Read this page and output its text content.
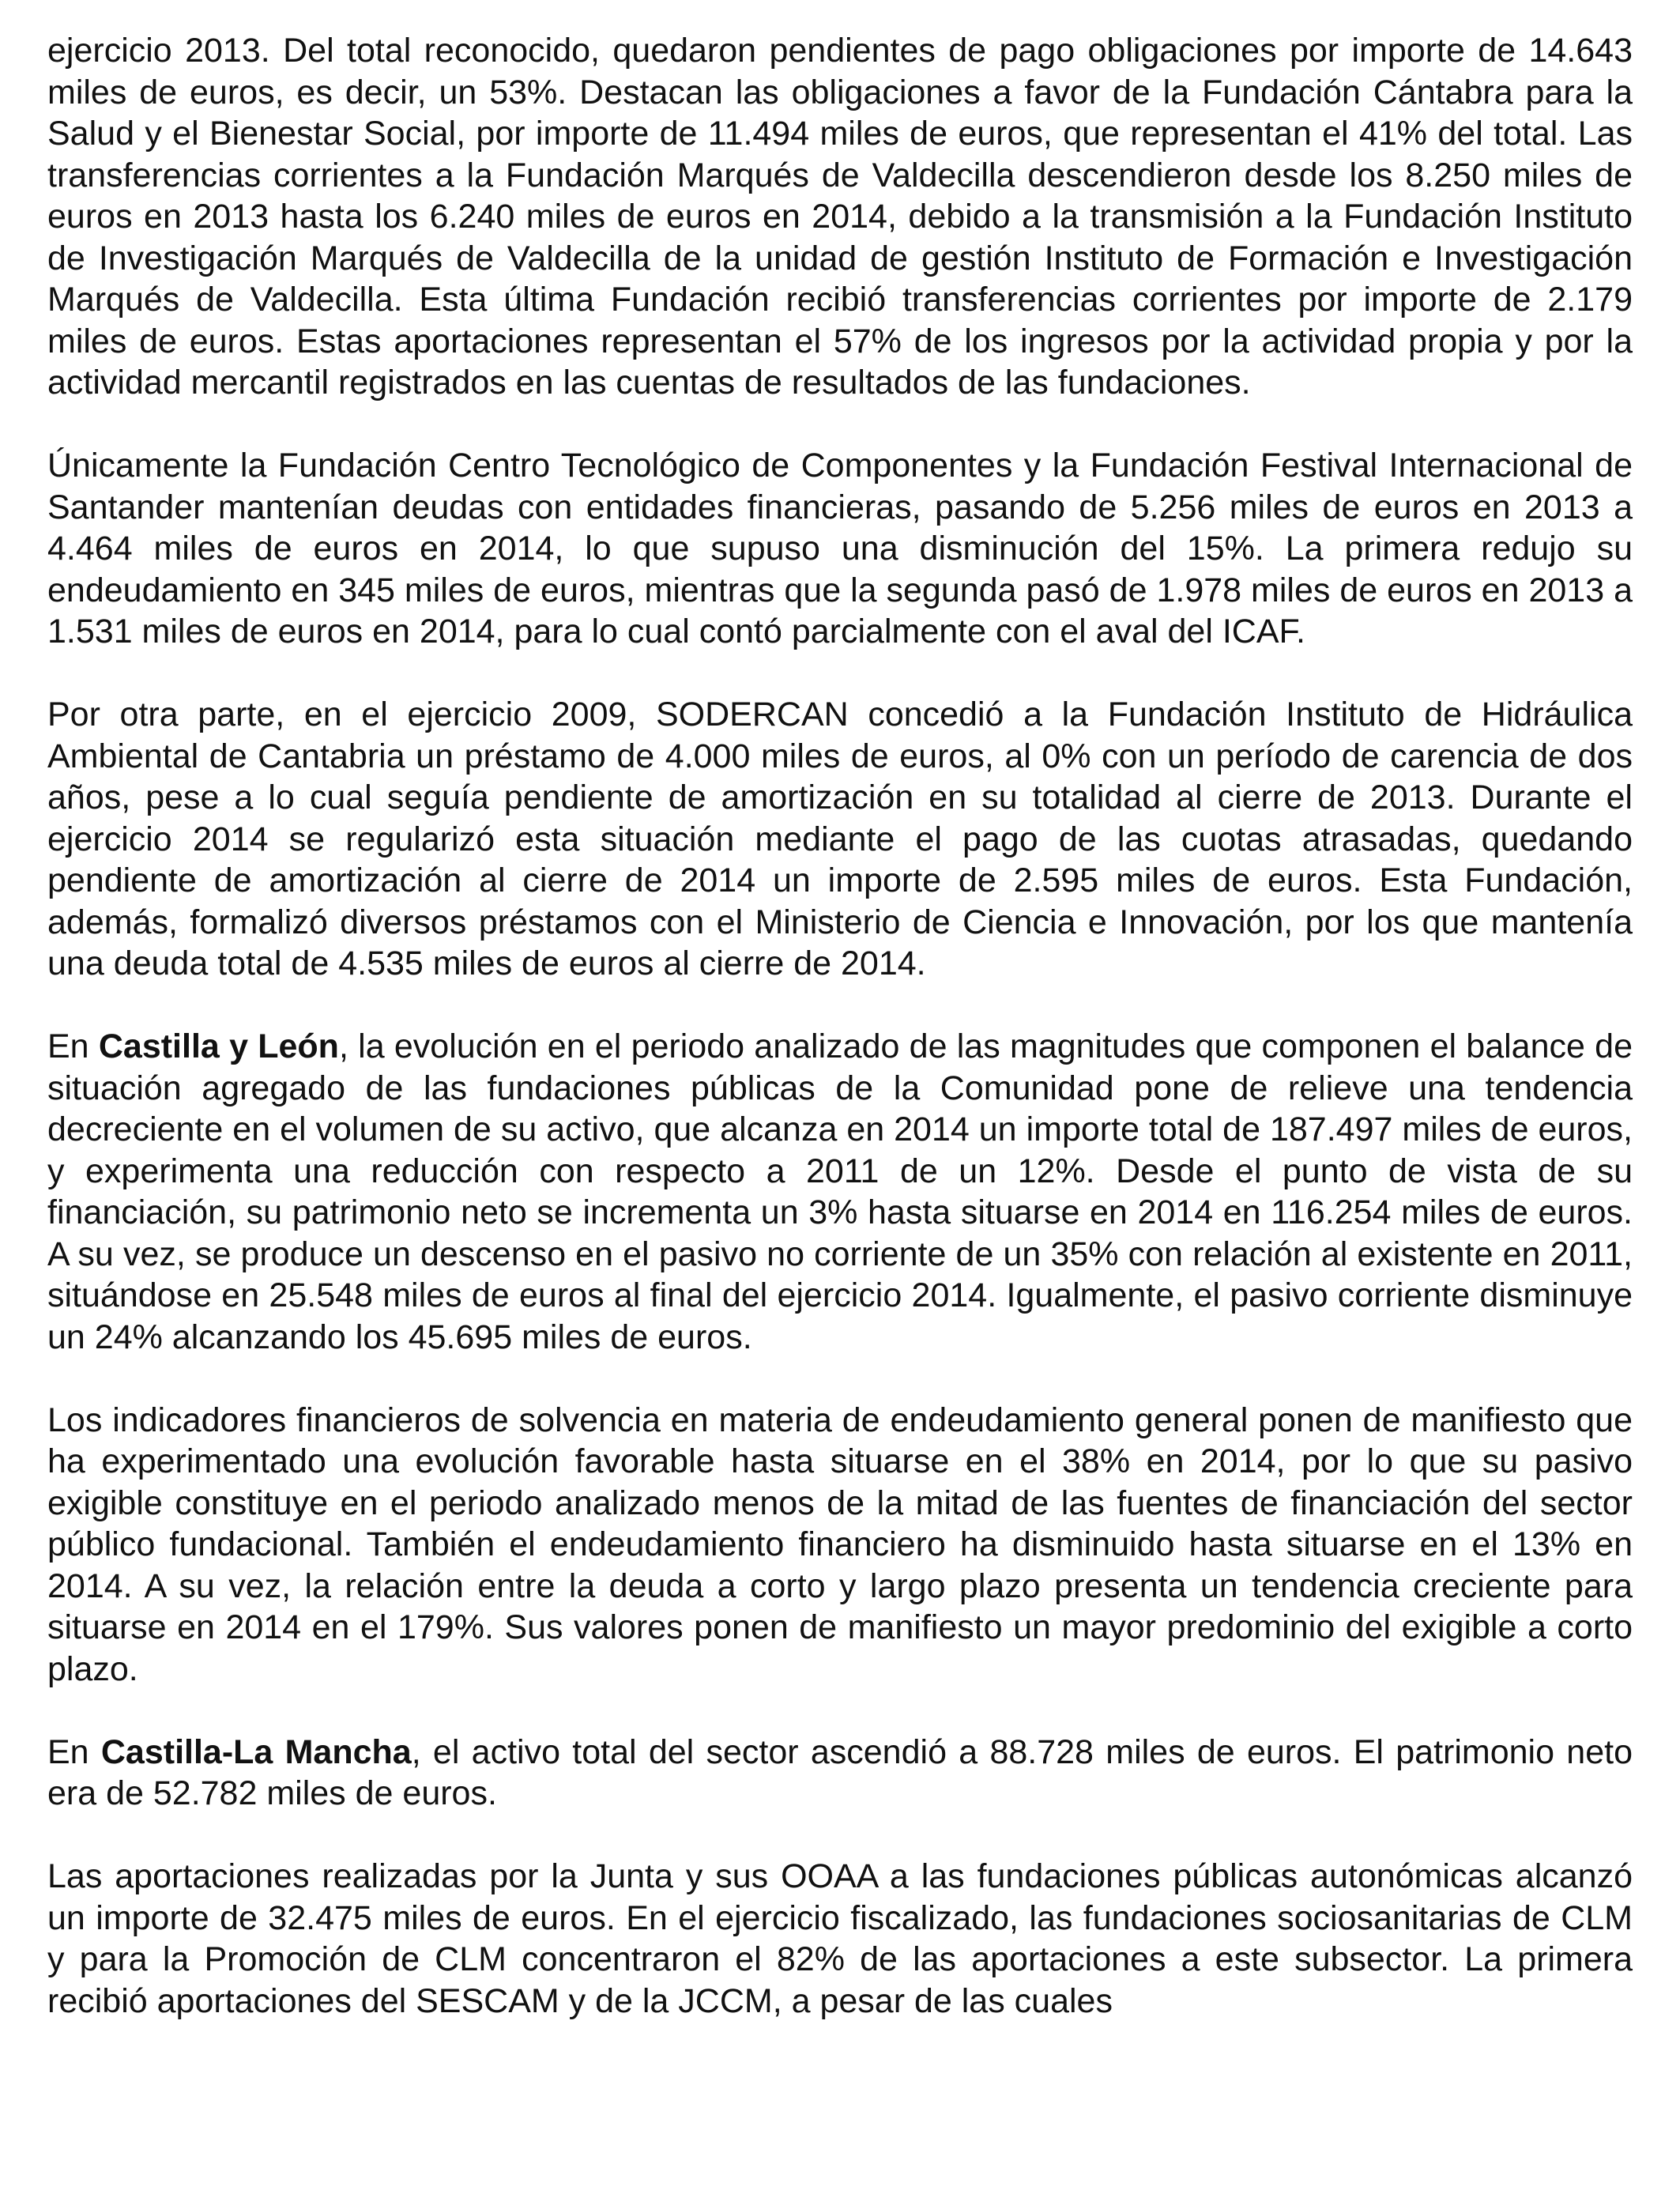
ejercicio 2013. Del total reconocido, quedaron pendientes de pago obligaciones por importe de 14.643 miles de euros, es decir, un 53%. Destacan las obligaciones a favor de la Fundación Cántabra para la Salud y el Bienestar Social, por importe de 11.494 miles de euros, que representan el 41% del total. Las transferencias corrientes a la Fundación Marqués de Valdecilla descendieron desde los 8.250 miles de euros en 2013 hasta los 6.240 miles de euros en 2014, debido a la transmisión a la Fundación Instituto de Investigación Marqués de Valdecilla de la unidad de gestión Instituto de Formación e Investigación Marqués de Valdecilla. Esta última Fundación recibió transferencias corrientes por importe de 2.179 miles de euros. Estas aportaciones representan el 57% de los ingresos por la actividad propia y por la actividad mercantil registrados en las cuentas de resultados de las fundaciones.

Únicamente la Fundación Centro Tecnológico de Componentes y la Fundación Festival Internacional de Santander mantenían deudas con entidades financieras, pasando de 5.256 miles de euros en 2013 a 4.464 miles de euros en 2014, lo que supuso una disminución del 15%. La primera redujo su endeudamiento en 345 miles de euros, mientras que la segunda pasó de 1.978 miles de euros en 2013 a 1.531 miles de euros en 2014, para lo cual contó parcialmente con el aval del ICAF.

Por otra parte, en el ejercicio 2009, SODERCAN concedió a la Fundación Instituto de Hidráulica Ambiental de Cantabria un préstamo de 4.000 miles de euros, al 0% con un período de carencia de dos años, pese a lo cual seguía pendiente de amortización en su totalidad al cierre de 2013. Durante el ejercicio 2014 se regularizó esta situación mediante el pago de las cuotas atrasadas, quedando pendiente de amortización al cierre de 2014 un importe de 2.595 miles de euros. Esta Fundación, además, formalizó diversos préstamos con el Ministerio de Ciencia e Innovación, por los que mantenía una deuda total de 4.535 miles de euros al cierre de 2014.

En Castilla y León, la evolución en el periodo analizado de las magnitudes que componen el balance de situación agregado de las fundaciones públicas de la Comunidad pone de relieve una tendencia decreciente en el volumen de su activo, que alcanza en 2014 un importe total de 187.497 miles de euros, y experimenta una reducción con respecto a 2011 de un 12%. Desde el punto de vista de su financiación, su patrimonio neto se incrementa un 3% hasta situarse en 2014 en 116.254 miles de euros. A su vez, se produce un descenso en el pasivo no corriente de un 35% con relación al existente en 2011, situándose en 25.548 miles de euros al final del ejercicio 2014. Igualmente, el pasivo corriente disminuye un 24% alcanzando los 45.695 miles de euros.

Los indicadores financieros de solvencia en materia de endeudamiento general ponen de manifiesto que ha experimentado una evolución favorable hasta situarse en el 38% en 2014, por lo que su pasivo exigible constituye en el periodo analizado menos de la mitad de las fuentes de financiación del sector público fundacional. También el endeudamiento financiero ha disminuido hasta situarse en el 13% en 2014. A su vez, la relación entre la deuda a corto y largo plazo presenta un tendencia creciente para situarse en 2014 en el 179%. Sus valores ponen de manifiesto un mayor predominio del exigible a corto plazo.

En Castilla-La Mancha, el activo total del sector ascendió a 88.728 miles de euros. El patrimonio neto era de 52.782 miles de euros.

Las aportaciones realizadas por la Junta y sus OOAA a las fundaciones públicas autonómicas alcanzó un importe de 32.475 miles de euros. En el ejercicio fiscalizado, las fundaciones sociosanitarias de CLM y para la Promoción de CLM concentraron el 82% de las aportaciones a este subsector. La primera recibió aportaciones del SESCAM y de la JCCM, a pesar de las cuales
